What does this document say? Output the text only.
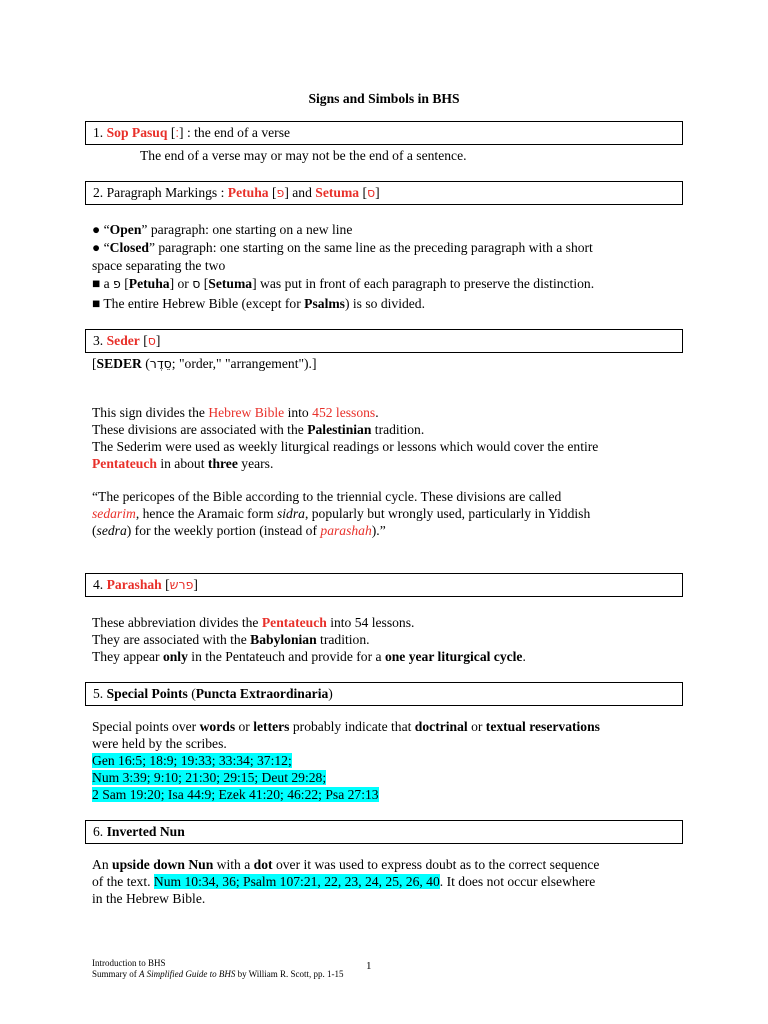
Signs and Simbols in BHS
1. Sop Pasuq [׃] : the end of a verse
The end of a verse may or may not be the end of a sentence.
2. Paragraph Markings : Petuha [פ] and Setuma [ס]
● “Open” paragraph: one starting on a new line
● “Closed” paragraph: one starting on the same line as the preceding paragraph with a short
space separating the two
■ a פ [Petuha] or ס [Setuma] was put in front of each paragraph to preserve the distinction.
■ The entire Hebrew Bible (except for Psalms) is so divided.
3. Seder [ס]
[SEDER (סֵדֶר; "order," "arrangement").]
This sign divides the Hebrew Bible into 452 lessons.
These divisions are associated with the Palestinian tradition.
The Sederim were used as weekly liturgical readings or lessons which would cover the entire
Pentateuch in about three years.
“The pericopes of the Bible according to the triennial cycle. These divisions are called
sedarim, hence the Aramaic form sidra, popularly but wrongly used, particularly in Yiddish
(sedra) for the weekly portion (instead of parashah).”
4. Parashah [פרש]
These abbreviation divides the Pentateuch into 54 lessons.
They are associated with the Babylonian tradition.
They appear only in the Pentateuch and provide for a one year liturgical cycle.
5. Special Points (Puncta Extraordinaria)
Special points over words or letters probably indicate that doctrinal or textual reservations
were held by the scribes.
Gen 16:5; 18:9; 19:33; 33:34; 37:12;
Num 3:39; 9:10; 21:30; 29:15; Deut 29:28;
2 Sam 19:20; Isa 44:9; Ezek 41:20; 46:22; Psa 27:13
6. Inverted Nun
An upside down Nun with a dot over it was used to express doubt as to the correct sequence
of the text. Num 10:34, 36; Psalm 107:21, 22, 23, 24, 25, 26, 40. It does not occur elsewhere
in the Hebrew Bible.
Introduction to BHS	1
Summary of A Simplified Guide to BHS by William R. Scott, pp. 1-15
